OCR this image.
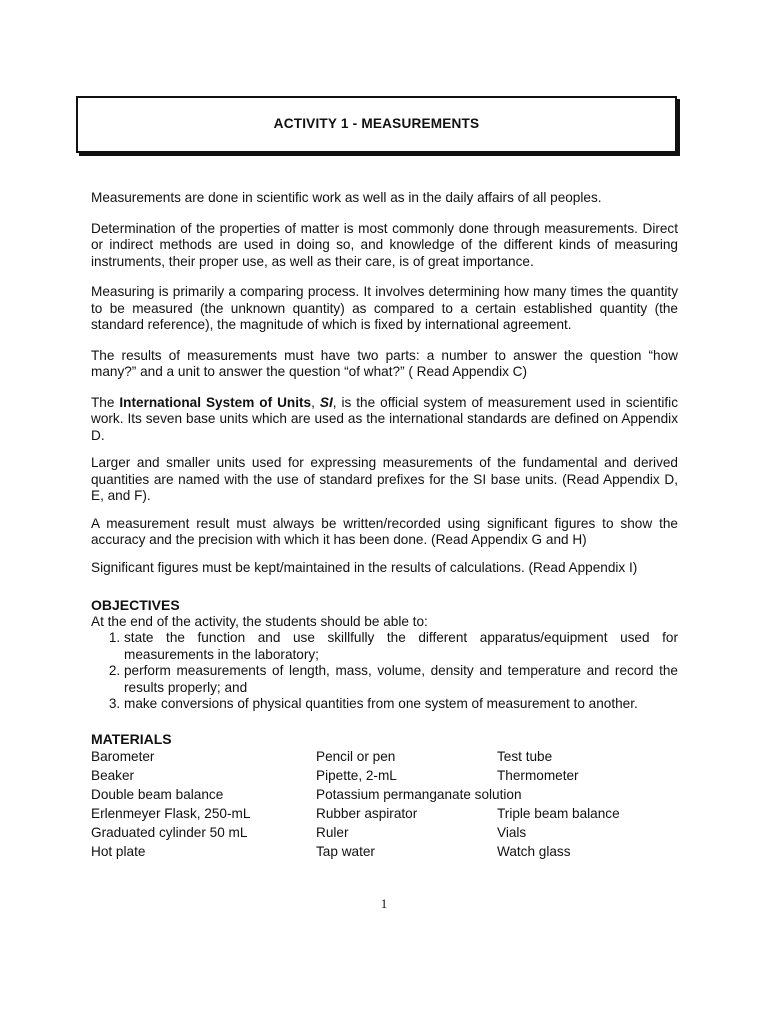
ACTIVITY 1 - MEASUREMENTS

Measurements are done in scientific work as well as in the daily affairs of all peoples.

Determination of the properties of matter is most commonly done through measurements. Direct or indirect methods are used in doing so, and knowledge of the different kinds of measuring instruments, their proper use, as well as their care, is of great importance.

Measuring is primarily a comparing process. It involves determining how many times the quantity to be measured (the unknown quantity) as compared to a certain established quantity (the standard reference), the magnitude of which is fixed by international agreement.

The results of measurements must have two parts: a number to answer the question “how many?” and a unit to answer the question “of what?” ( Read Appendix C)

The International System of Units, SI, is the official system of measurement used in scientific work. Its seven base units which are used as the international standards are defined on Appendix D.

Larger and smaller units used for expressing measurements of the fundamental and derived quantities are named with the use of standard prefixes for the SI base units. (Read Appendix D, E, and F).

A measurement result must always be written/recorded using significant figures to show the accuracy and the precision with which it has been done. (Read Appendix G and H)

Significant figures must be kept/maintained in the results of calculations. (Read Appendix I)

OBJECTIVES
At the end of the activity, the students should be able to:
1. state the function and use skillfully the different apparatus/equipment used for measurements in the laboratory;
2. perform measurements of length, mass, volume, density and temperature and record the results properly; and
3. make conversions of physical quantities from one system of measurement to another.
MATERIALS
Barometer	Pencil or pen	Test tube
Beaker	Pipette, 2-mL	Thermometer
Double beam balance	Potassium permanganate solution
Erlenmeyer Flask, 250-mL	Rubber aspirator	Triple beam balance
Graduated cylinder 50 mL	Ruler	Vials
Hot plate	Tap water	Watch glass
1
